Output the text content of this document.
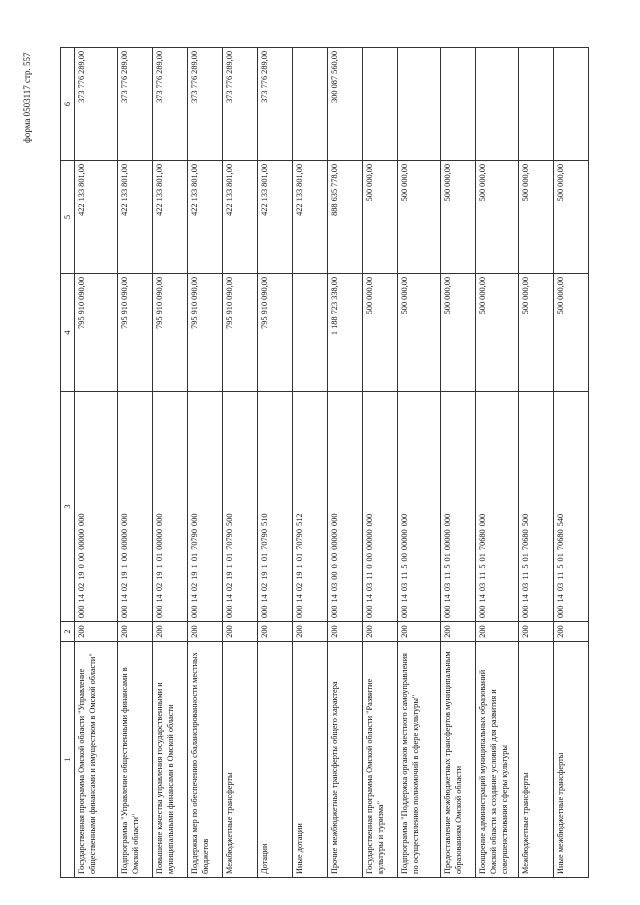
форма 0503117 стр. 557
1	2	3	4	5	6
Государственная программа Омской области "Управление общественными финансами и имуществом в Омской области"	200	000 14 02 19 0 00 00000 000	795 910 090,00	422 133 801,00	373 776 289,00
Подпрограмма "Управление общественными финансами в Омской области"	200	000 14 02 19 1 00 00000 000	795 910 090,00	422 133 801,00	373 776 289,00
Повышение качества управления государственными и муниципальными финансами в Омской области	200	000 14 02 19 1 01 00000 000	795 910 090,00	422 133 801,00	373 776 289,00
Поддержка мер по обеспечению сбалансированности местных бюджетов	200	000 14 02 19 1 01 70790 000	795 910 090,00	422 133 801,00	373 776 289,00
Межбюджетные трансферты	200	000 14 02 19 1 01 70790 500	795 910 090,00	422 133 801,00	373 776 289,00
Дотации	200	000 14 02 19 1 01 70790 510	795 910 090,00	422 133 801,00	373 776 289,00
Иные дотации	200	000 14 02 19 1 01 70790 512		422 133 801,00	
Прочие межбюджетные трансферты общего характера	200	000 14 03 00 0 00 00000 000	1 188 723 338,00	888 635 778,00	300 087 560,00
Государственная программа Омской области "Развитие культуры и туризма"	200	000 14 03 11 0 00 00000 000	500 000,00	500 000,00	
Подпрограмма "Поддержка органов местного самоуправления по осуществлению полномочий в сфере культуры"	200	000 14 03 11 5 00 00000 000	500 000,00	500 000,00	
Предоставление межбюджетных трансфертов муниципальным образованиям Омской области	200	000 14 03 11 5 01 00000 000	500 000,00	500 000,00	
Поощрение администраций муниципальных образований Омской области за создание условий для развития и совершенствования сферы культуры	200	000 14 03 11 5 01 70680 000	500 000,00	500 000,00	
Межбюджетные трансферты	200	000 14 03 11 5 01 70680 500	500 000,00	500 000,00	
Иные межбюджетные трансферты	200	000 14 03 11 5 01 70680 540	500 000,00	500 000,00	
